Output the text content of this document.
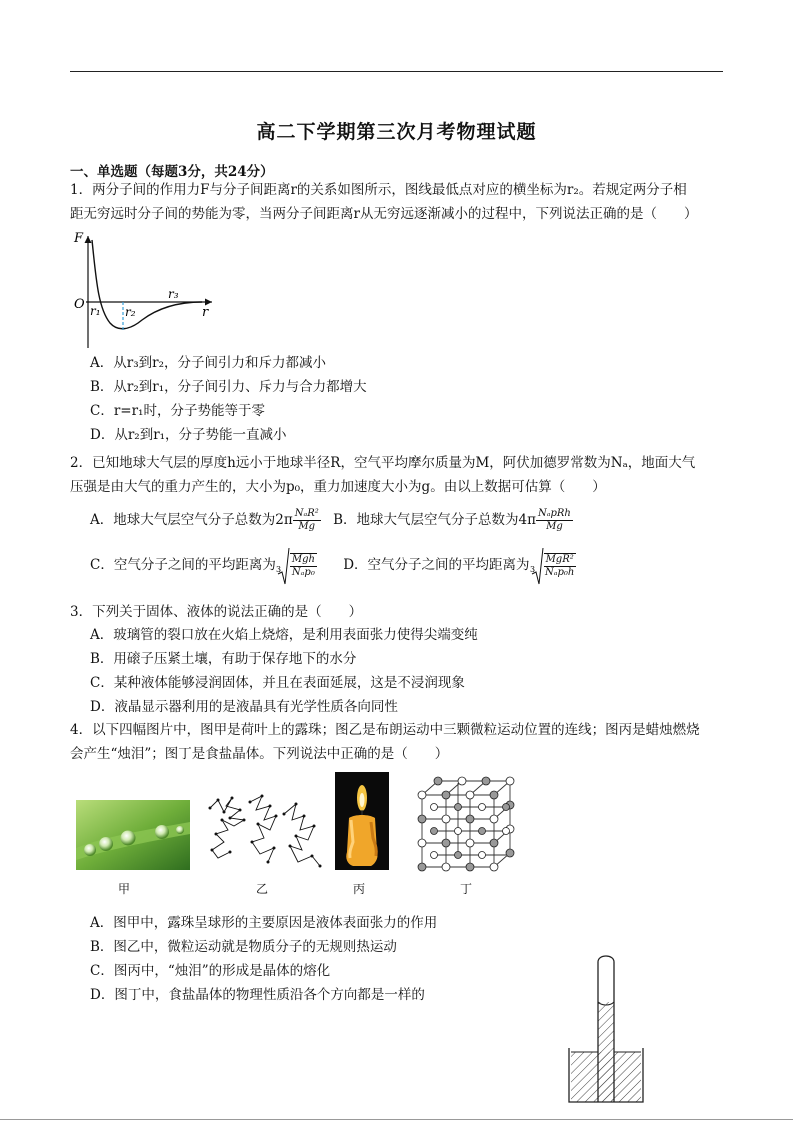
高二下学期第三次月考物理试题
一、单选题（每题3分，共24分）
1．两分子间的作用力F与分子间距离r的关系如图所示，图线最低点对应的横坐标为r₂。若规定两分子相
距无穷远时分子间的势能为零，当两分子间距离r从无穷远逐渐减小的过程中，下列说法正确的是（　　）
F
O
r
r₁ r₂
r₃
A．从r₃到r₂，分子间引力和斥力都减小
B．从r₂到r₁，分子间引力、斥力与合力都增大
C．r=r₁时，分子势能等于零
D．从r₂到r₁，分子势能一直减小
2．已知地球大气层的厚度h远小于地球半径R，空气平均摩尔质量为M，阿伏加德罗常数为Nₐ，地面大气
压强是由大气的重力产生的，大小为p₀，重力加速度大小为g。由以上数据可估算（　　）
A．地球大气层空气分子总数为$2\pi \frac{\text{NₐR²}}{Mg}$ B．地球大气层空气分子总数为$4\pi \frac{\text{NₐpRh}}{Mg}$
C．空气分子之间的平均距离为 $3 \frac{\text{Mgh}}{\text{Nₐp₀}}$ D．空气分子之间的平均距离为 $3 \frac{\text{MgR²}}{\text{Nₐp₀h}}$
3．下列关于固体、液体的说法正确的是（　　）
A．玻璃管的裂口放在火焰上烧熔，是利用表面张力使得尖端变纯
B．用磙子压紧土壤，有助于保存地下的水分
C．某种液体能够浸润固体，并且在表面延展，这是不浸润现象
D．液晶显示器利用的是液晶具有光学性质各向同性
4．以下四幅图片中，图甲是荷叶上的露珠；图乙是布朗运动中三颗微粒运动位置的连线；图丙是蜡烛燃烧
会产生“烛泪”；图丁是食盐晶体。下列说法中正确的是（　　）
甲	乙	丙	丁
A．图甲中，露珠呈球形的主要原因是液体表面张力的作用
B．图乙中，微粒运动就是物质分子的无规则热运动
C．图丙中，“烛泪”的形成是晶体的熔化
D．图丁中，食盐晶体的物理性质沿各个方向都是一样的
